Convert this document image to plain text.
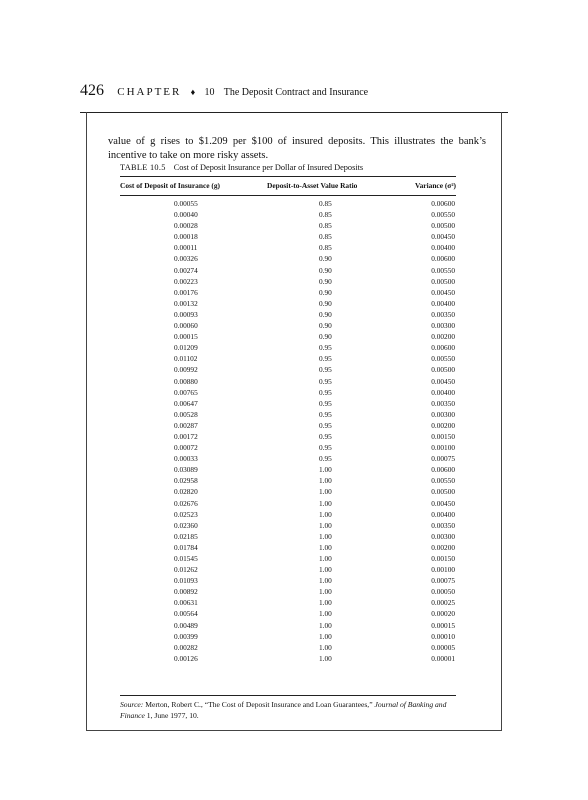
426 CHAPTER ♦ 10 The Deposit Contract and Insurance

value of g rises to $1.209 per $100 of insured deposits. This illustrates the bank’s incentive to take on more risky assets.

TABLE 10.5 Cost of Deposit Insurance per Dollar of Insured Deposits
Cost of Deposit of Insurance (g)	Deposit-to-Asset Value Ratio	Variance (σ²)
0.00055	0.85	0.00600
0.00040	0.85	0.00550
0.00028	0.85	0.00500
0.00018	0.85	0.00450
0.00011	0.85	0.00400
0.00326	0.90	0.00600
0.00274	0.90	0.00550
0.00223	0.90	0.00500
0.00176	0.90	0.00450
0.00132	0.90	0.00400
0.00093	0.90	0.00350
0.00060	0.90	0.00300
0.00015	0.90	0.00200
0.01209	0.95	0.00600
0.01102	0.95	0.00550
0.00992	0.95	0.00500
0.00880	0.95	0.00450
0.00765	0.95	0.00400
0.00647	0.95	0.00350
0.00528	0.95	0.00300
0.00287	0.95	0.00200
0.00172	0.95	0.00150
0.00072	0.95	0.00100
0.00033	0.95	0.00075
0.03089	1.00	0.00600
0.02958	1.00	0.00550
0.02820	1.00	0.00500
0.02676	1.00	0.00450
0.02523	1.00	0.00400
0.02360	1.00	0.00350
0.02185	1.00	0.00300
0.01784	1.00	0.00200
0.01545	1.00	0.00150
0.01262	1.00	0.00100
0.01093	1.00	0.00075
0.00892	1.00	0.00050
0.00631	1.00	0.00025
0.00564	1.00	0.00020
0.00489	1.00	0.00015
0.00399	1.00	0.00010
0.00282	1.00	0.00005
0.00126	1.00	0.00001
Source: Merton, Robert C., “The Cost of Deposit Insurance and Loan Guarantees,” Journal of Banking and Finance 1, June 1977, 10.
